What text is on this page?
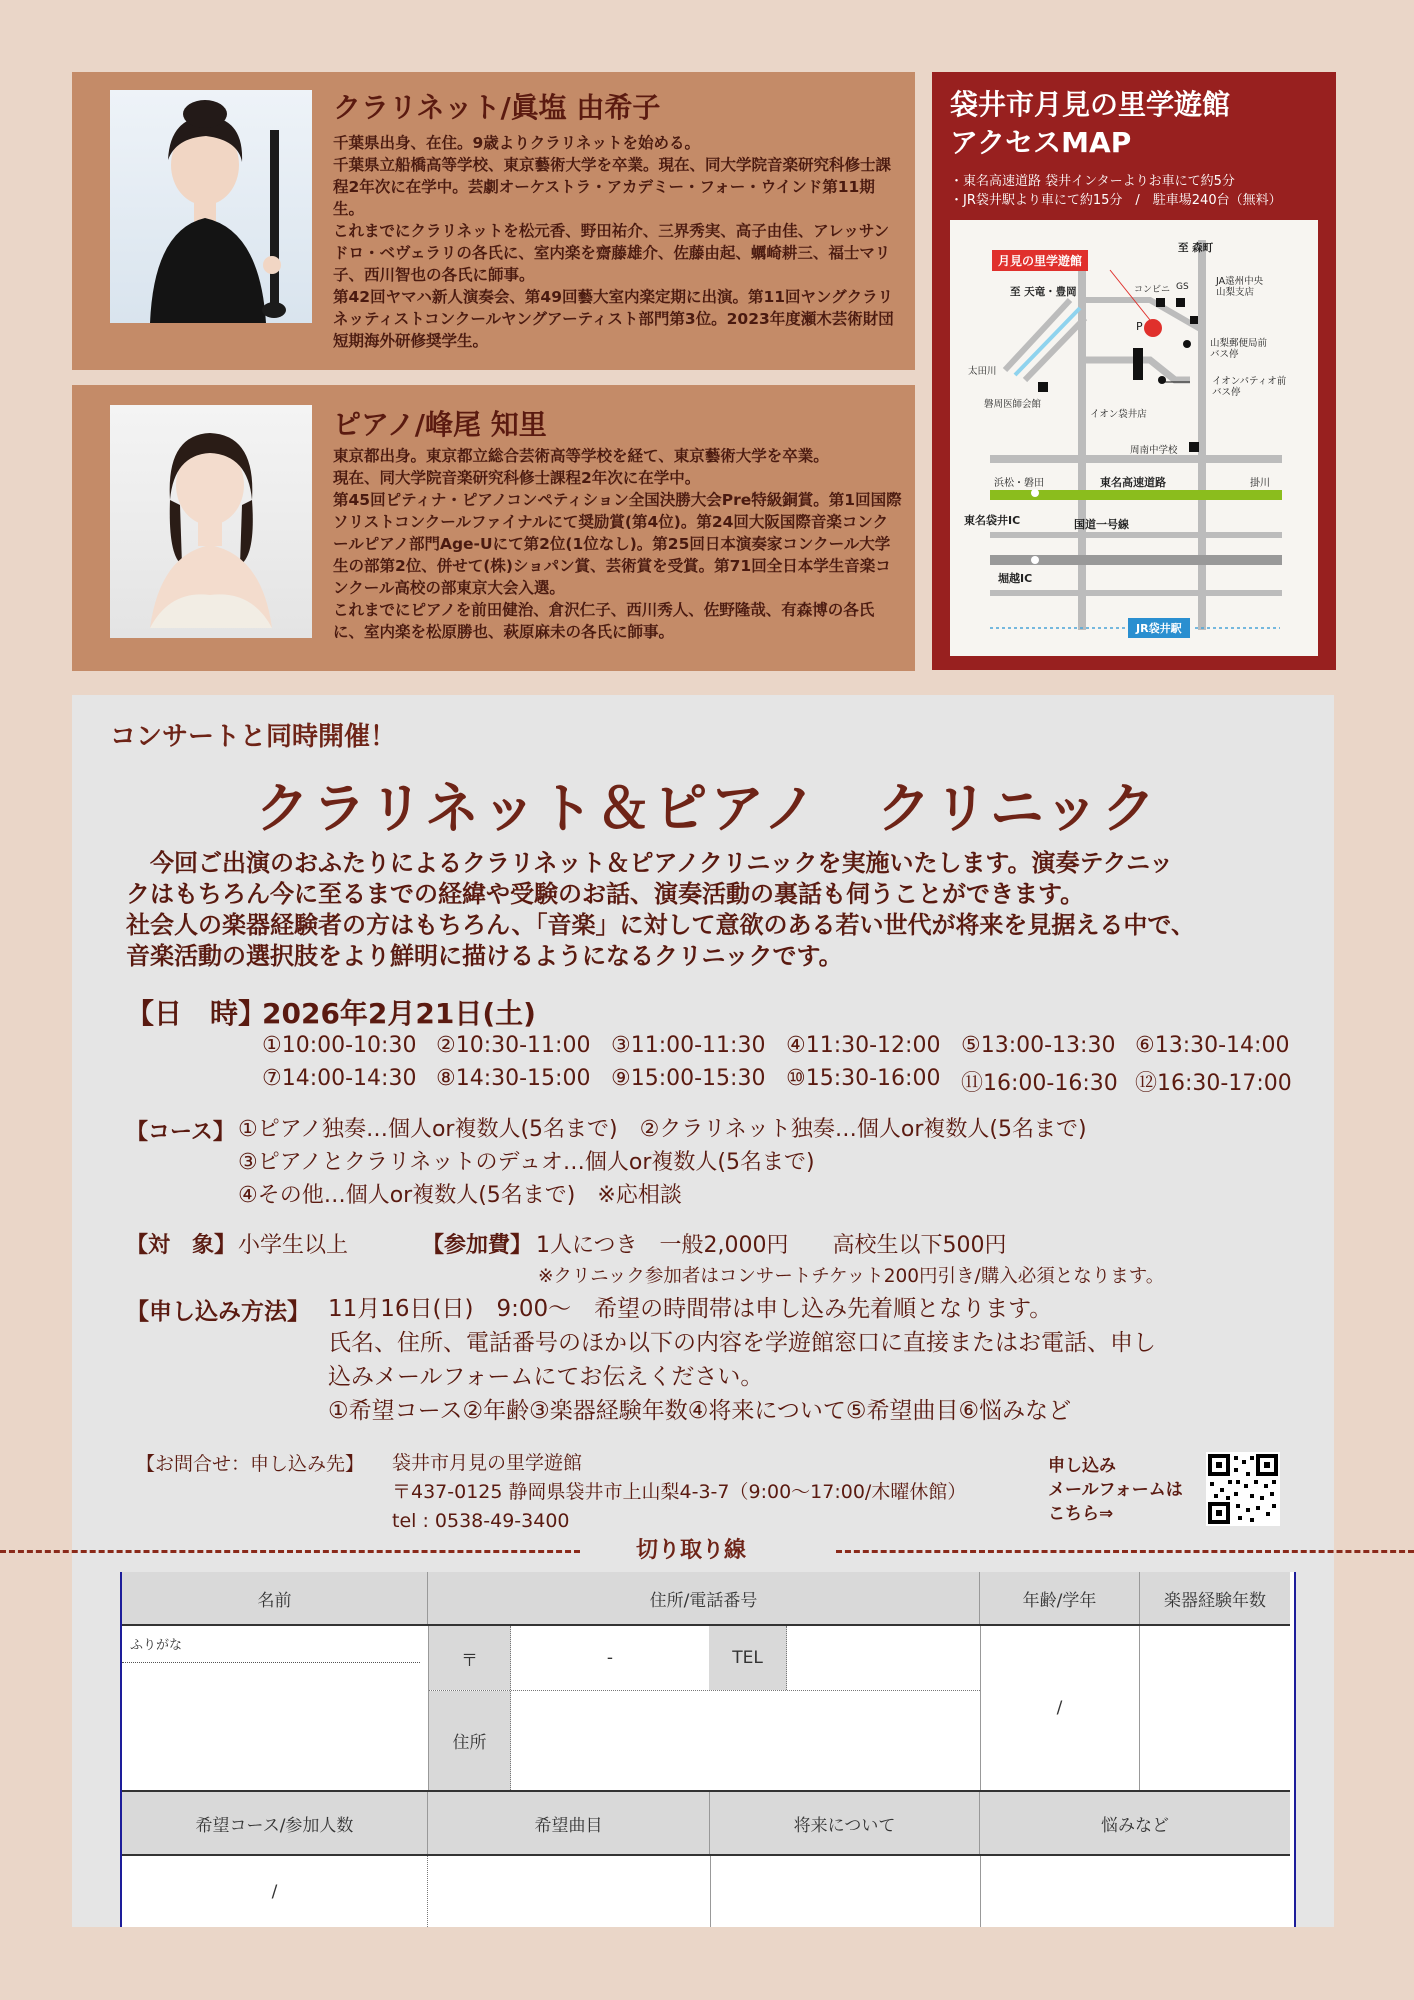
クラリネット/眞塩 由希子

千葉県出身、在住。9歳よりクラリネットを始める。

千葉県立船橋高等学校、東京藝術大学を卒業。現在、同大学院音楽研究科修士課程2年次に在学中。芸劇オーケストラ・アカデミー・フォー・ウインド第11期生。

これまでにクラリネットを松元香、野田祐介、三界秀実、高子由佳、アレッサンドロ・ベヴェラリの各氏に、室内楽を齋藤雄介、佐藤由起、蠣崎耕三、福士マリ子、西川智也の各氏に師事。

第42回ヤマハ新人演奏会、第49回藝大室内楽定期に出演。第11回ヤングクラリネッティストコンクールヤングアーティスト部門第3位。2023年度瀬木芸術財団 短期海外研修奨学生。

ピアノ/峰尾 知里

東京都出身。東京都立総合芸術高等学校を経て、東京藝術大学を卒業。

現在、同大学院音楽研究科修士課程2年次に在学中。

第45回ピティナ・ピアノコンペティション全国決勝大会Pre特級銅賞。第1回国際ソリストコンクールファイナルにて奨励賞(第4位)。第24回大阪国際音楽コンクールピアノ部門Age-Uにて第2位(1位なし)。第25回日本演奏家コンクール大学生の部第2位、併せて(株)ショパン賞、芸術賞を受賞。第71回全日本学生音楽コンクール高校の部東京大会入選。

これまでにピアノを前田健治、倉沢仁子、西川秀人、佐野隆哉、有森博の各氏に、室内楽を松原勝也、萩原麻未の各氏に師事。

袋井市月見の里学遊館
アクセスMAP
・東名高速道路 袋井インターよりお車にて約5分
・JR袋井駅より車にて約15分　/　駐車場240台（無料）
月見の里学遊館
至 森町
至 天竜・豊岡	コンビニ GS	JA遠州中央
山梨支店
P
山梨郵便局前
バス停
イオンパティオ前
バス停
太田川
磐周医師会館
イオン袋井店
周南中学校
浜松・磐田	東名高速道路	掛川
東名袋井IC	国道一号線
堀越IC
JR袋井駅
コンサートと同時開催！
クラリネット＆ピアノ　クリニック
　今回ご出演のおふたりによるクラリネット＆ピアノクリニックを実施いたします。演奏テクニッ
クはもちろん今に至るまでの経緯や受験のお話、演奏活動の裏話も伺うことができます。
社会人の楽器経験者の方はもちろん、「音楽」に対して意欲のある若い世代が将来を見据える中で、
音楽活動の選択肢をより鮮明に描けるようになるクリニックです。
【日　時】
2026年2月21日(土)
①10:00-10:30 ②10:30-11:00 ③11:00-11:30 ④11:30-12:00 ⑤13:00-13:30 ⑥13:30-14:00
⑦14:00-14:30 ⑧14:30-15:00 ⑨15:00-15:30 ⑩15:30-16:00 ⑪16:00-16:30 ⑫16:30-17:00
【コース】 ①ピアノ独奏…個人or複数人(5名まで)　②クラリネット独奏…個人or複数人(5名まで)
③ピアノとクラリネットのデュオ…個人or複数人(5名まで)
④その他…個人or複数人(5名まで)　※応相談
【対　象】 小学生以上	【参加費】 1人につき　一般2,000円　　高校生以下500円
※クリニック参加者はコンサートチケット200円引き/購入必須となります。
【申し込み方法】 11月16日(日)　9:00～　希望の時間帯は申し込み先着順となります。
氏名、住所、電話番号のほか以下の内容を学遊館窓口に直接またはお電話、申し
込みメールフォームにてお伝えください。
①希望コース②年齢③楽器経験年数④将来について⑤希望曲目⑥悩みなど
【お問合せ：申し込み先】 袋井市月見の里学遊館
〒437-0125 静岡県袋井市上山梨4-3-7（9:00～17:00/木曜休館）
tel : 0538-49-3400
申し込み
メールフォームは
こちら⇒
切り取り線
名前	住所/電話番号	年齢/学年	楽器経験年数
ふりがな
〒	-	TEL
住所
/
希望コース/参加人数	希望曲目	将来について	悩みなど
/
